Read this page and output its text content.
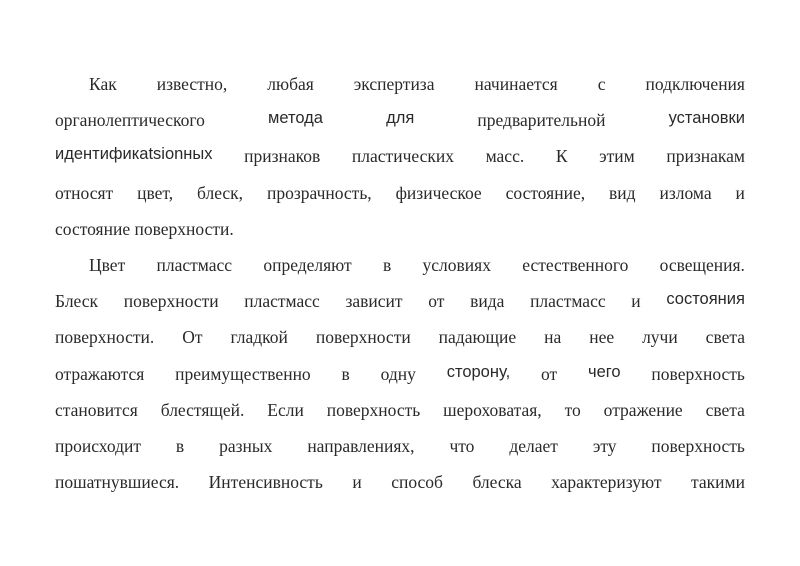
Как известно, любая экспертиза начинается с подключения
органолептического	метода	для	предварительной	установки
идентификаtsionных признаков пластических масс. К этим признакам
относят цвет, блеск, прозрачность, физическое состояние, вид излома и
состояние поверхности.
Цвет пластмасс определяют в условиях естественного освещения.
Блеск поверхности пластмасс зависит от вида пластмасс и состояния
поверхности. От гладкой поверхности падающие на нее лучи света
отражаются преимущественно в одну сторону, от чего поверхность
становится блестящей. Если поверхность шероховатая, то отражение света
происходит в разных направлениях, что делает эту поверхность
пошатнувшиеся. Интенсивность и способ блеска характеризуют такими
